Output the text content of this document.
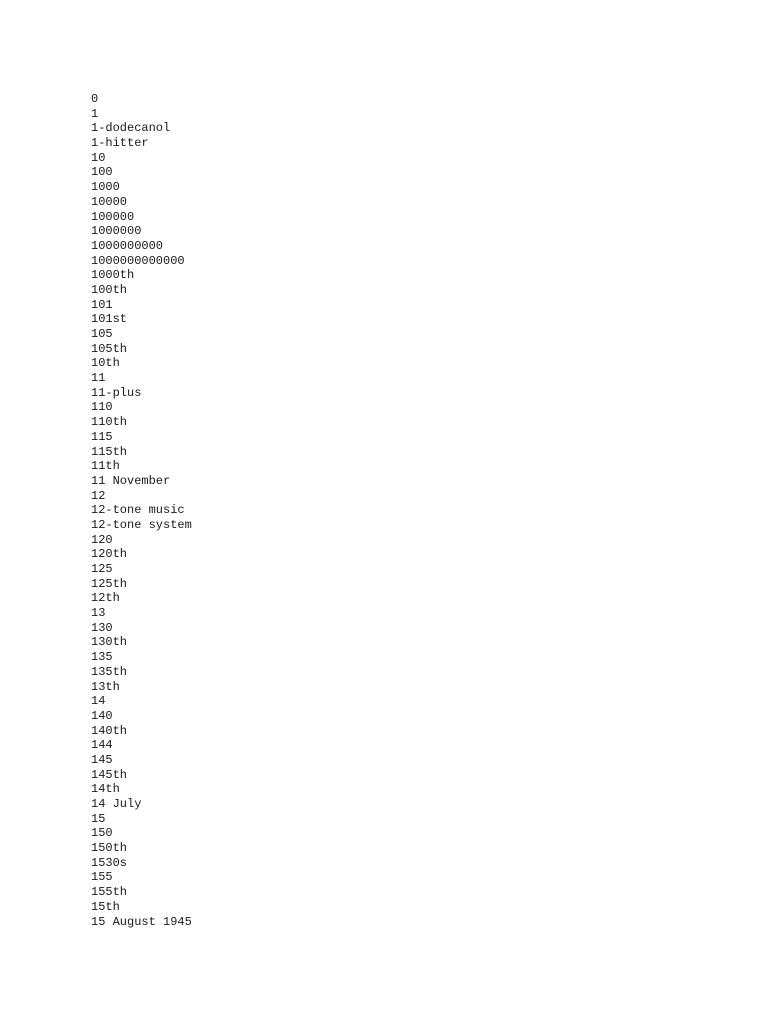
0
1
1-dodecanol
1-hitter
10
100
1000
10000
100000
1000000
1000000000
1000000000000
1000th
100th
101
101st
105
105th
10th
11
11-plus
110
110th
115
115th
11th
11 November
12
12-tone music
12-tone system
120
120th
125
125th
12th
13
130
130th
135
135th
13th
14
140
140th
144
145
145th
14th
14 July
15
150
150th
1530s
155
155th
15th
15 August 1945
